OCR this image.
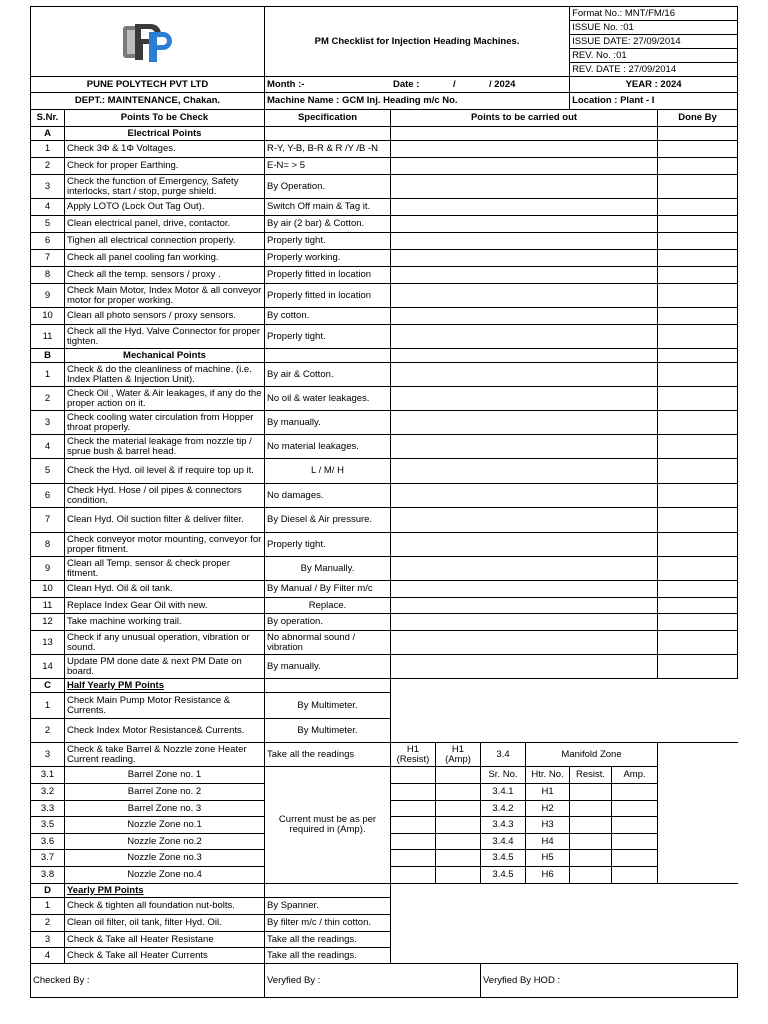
	PM Checklist for Injection Heading Machines.					Format No.: MNT/FM/16		
							ISSUE No. :01		
							ISSUE DATE: 27/09/2014		
							REV. No. :01		
							REV. DATE : 27/09/2014		
PUNE POLYTECH PVT LTD		Month :- Date : / / 2024					YEAR : 2024		
DEPT.: MAINTENANCE, Chakan.		Machine Name : GCM Inj. Heading m/c No.					Location : Plant - I		
S.Nr.	Points To be Check	Specification	Points to be carried out						Done By
A	Electrical Points								
1	Check 3Φ & 1Φ Voltages.	R-Y, Y-B, B-R & R /Y /B -N							
2	Check for proper Earthing.	E-N= > 5							
3	Check the function of Emergency, Safety interlocks, start / stop, purge shield.	By Operation.							
4	Apply LOTO (Lock Out Tag Out).	Switch Off main & Tag it.							
5	Clean electrical panel, drive, contactor.	By air (2 bar) & Cotton.							
6	Tighen all electrical connection properly.	Properly tight.							
7	Check all panel cooling fan working.	Properly working.							
8	Check all the temp. sensors / proxy .	Properly fitted in location							
9	Check Main Motor, Index Motor & all conveyor motor for proper working.	Properly fitted in location							
10	Clean all photo sensors / proxy sensors.	By cotton.							
11	Check all the Hyd. Valve Connector for proper tighten.	Properly tight.							
B	Mechanical Points								
1	Check & do the cleanliness of machine. (i.e. Index Platten & Injection Unit).	By air & Cotton.							
2	Check Oil , Water & Air leakages, if any do the proper action on it.	No oil & water leakages.							
3	Check cooling water circulation from Hopper throat properly.	By manually.							
4	Check the material leakage from nozzle tip / sprue bush & barrel head.	No material leakages.							
5	Check the Hyd. oil level & if require top up it.	L / M/ H							
6	Check Hyd. Hose / oil pipes & connectors condition.	No damages.							
7	Clean Hyd. Oil suction filter & deliver filter.	By Diesel & Air pressure.							
8	Check conveyor motor mounting, conveyor for proper fitment.	Properly tight.							
9	Clean all Temp. sensor & check proper fitment.	By Manually.							
10	Clean Hyd. Oil & oil tank.	By Manual / By Filter m/c							
11	Replace Index Gear Oil with new.	Replace.							
12	Take machine working trail.	By operation.							
13	Check if any unusual operation, vibration or sound.	No abnormal sound / vibration							
14	Update PM done date & next PM Date on board.	By manually.							
C	Half Yearly PM Points								
1	Check Main Pump Motor Resistance & Currents.	By Multimeter.							
2	Check Index Motor Resistance& Currents.	By Multimeter.							
3	Check & take Barrel & Nozzle zone Heater Current reading.	Take all the readings	H1 (Resist)	H1 (Amp)	3.4	Manifold Zone			
3.1	Barrel Zone no. 1	Current must be as per required in (Amp).			Sr. No.	Htr. No.	Resist.	Amp.	
3.2	Barrel Zone no. 2				3.4.1	H1			
3.3	Barrel Zone no. 3				3.4.2	H2			
3.5	Nozzle Zone no.1				3.4.3	H3			
3.6	Nozzle Zone no.2				3.4.4	H4			
3.7	Nozzle Zone no.3				3.4.5	H5			
3.8	Nozzle Zone no.4				3.4.5	H6			
D	Yearly PM Points								
1	Check & tighten all foundation nut-bolts.	By Spanner.							
2	Clean oil filter, oil tank, filter Hyd. Oil.	By filter m/c / thin cotton.							
3	Check & Take all Heater Resistane	Take all the readings.							
4	Check & Take all Heater Currents	Take all the readings.							
Checked By :		Veryfied By :			Veryfied By HOD :				
